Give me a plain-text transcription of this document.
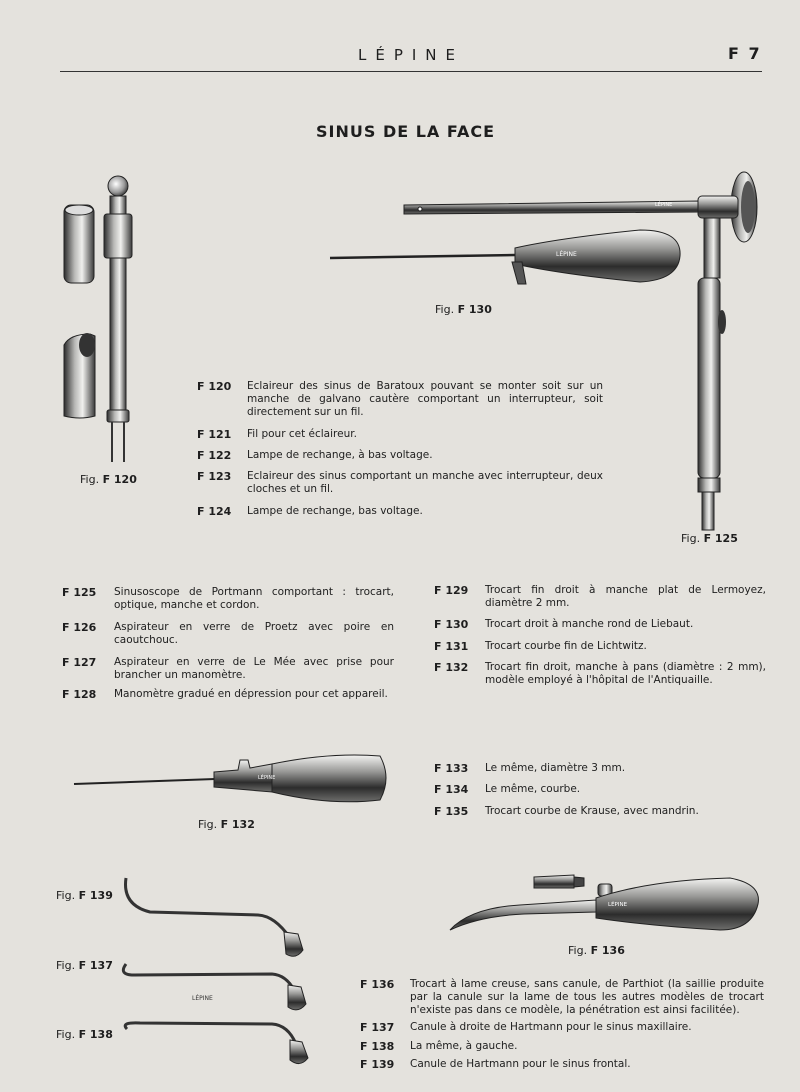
LÉPINE	F 7
SINUS DE LA FACE
LÉPINE
LÉPINE
LÉPINE
LÉPINE
LÉPINE
Fig. F 120
Fig. F 125
Fig. F 130
Fig. F 132
Fig. F 136
Fig. F 139
Fig. F 137
Fig. F 138
F 120 Eclaireur des sinus de Baratoux pouvant se monter soit sur un manche de galvano cautère comportant un interrupteur, soit directement sur un fil.
F 121 Fil pour cet éclaireur.
F 122 Lampe de rechange, à bas voltage.
F 123 Eclaireur des sinus comportant un manche avec interrupteur, deux cloches et un fil.
F 124 Lampe de rechange, bas voltage.
F 125 Sinusoscope de Portmann comportant : trocart, optique, manche et cordon.
F 126 Aspirateur en verre de Proetz avec poire en caoutchouc.
F 127 Aspirateur en verre de Le Mée avec prise pour brancher un manomètre.
F 128 Manomètre gradué en dépression pour cet appareil.
F 129 Trocart fin droit à manche plat de Lermoyez, diamètre 2 mm.
F 130 Trocart droit à manche rond de Liebaut.
F 131 Trocart courbe fin de Lichtwitz.
F 132 Trocart fin droit, manche à pans (diamètre : 2 mm), modèle employé à l'hôpital de l'Antiquaille.
F 133 Le même, diamètre 3 mm.
F 134 Le même, courbe.
F 135 Trocart courbe de Krause, avec mandrin.
F 136 Trocart à lame creuse, sans canule, de Parthiot (la saillie produite par la canule sur la lame de tous les autres modèles de trocart n'existe pas dans ce modèle, la pénétration est ainsi facilitée).
F 137 Canule à droite de Hartmann pour le sinus maxillaire.
F 138 La même, à gauche.
F 139 Canule de Hartmann pour le sinus frontal.
